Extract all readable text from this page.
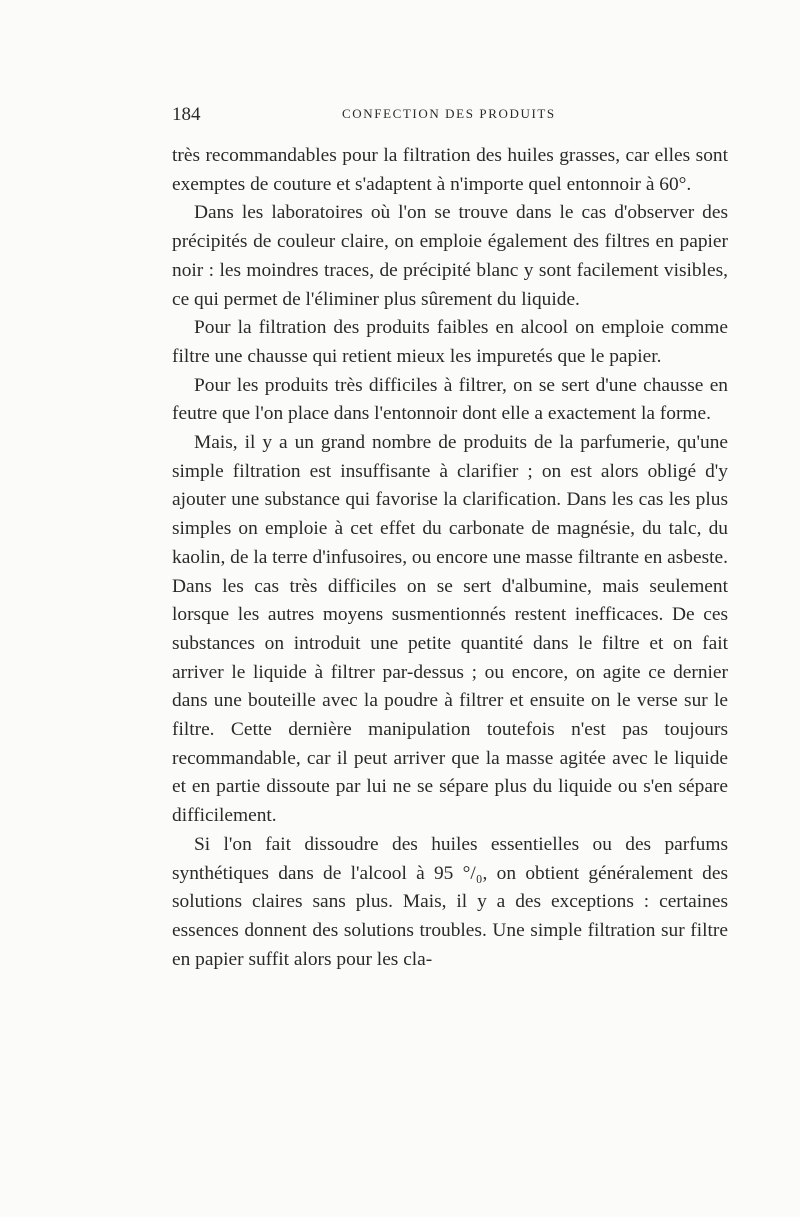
184	CONFECTION DES PRODUITS

très recommandables pour la filtration des huiles grasses, car elles sont exemptes de couture et s'adaptent à n'importe quel entonnoir à 60°.

Dans les laboratoires où l'on se trouve dans le cas d'observer des précipités de couleur claire, on emploie également des filtres en papier noir : les moindres traces, de précipité blanc y sont facilement visibles, ce qui permet de l'éliminer plus sûrement du liquide.

Pour la filtration des produits faibles en alcool on emploie comme filtre une chausse qui retient mieux les impuretés que le papier.

Pour les produits très difficiles à filtrer, on se sert d'une chausse en feutre que l'on place dans l'entonnoir dont elle a exactement la forme.

Mais, il y a un grand nombre de produits de la parfumerie, qu'une simple filtration est insuffisante à clarifier ; on est alors obligé d'y ajouter une substance qui favorise la clarification. Dans les cas les plus simples on emploie à cet effet du carbonate de magnésie, du talc, du kaolin, de la terre d'infusoires, ou encore une masse filtrante en asbeste. Dans les cas très difficiles on se sert d'albumine, mais seulement lorsque les autres moyens susmentionnés restent inefficaces. De ces substances on introduit une petite quantité dans le filtre et on fait arriver le liquide à filtrer par-dessus ; ou encore, on agite ce dernier dans une bouteille avec la poudre à filtrer et ensuite on le verse sur le filtre. Cette dernière manipulation toutefois n'est pas toujours recommandable, car il peut arriver que la masse agitée avec le liquide et en partie dissoute par lui ne se sépare plus du liquide ou s'en sépare difficilement.

Si l'on fait dissoudre des huiles essentielles ou des parfums synthétiques dans de l'alcool à 95 °/₀, on obtient généralement des solutions claires sans plus. Mais, il y a des exceptions : certaines essences donnent des solutions troubles. Une simple filtration sur filtre en papier suffit alors pour les cla-
